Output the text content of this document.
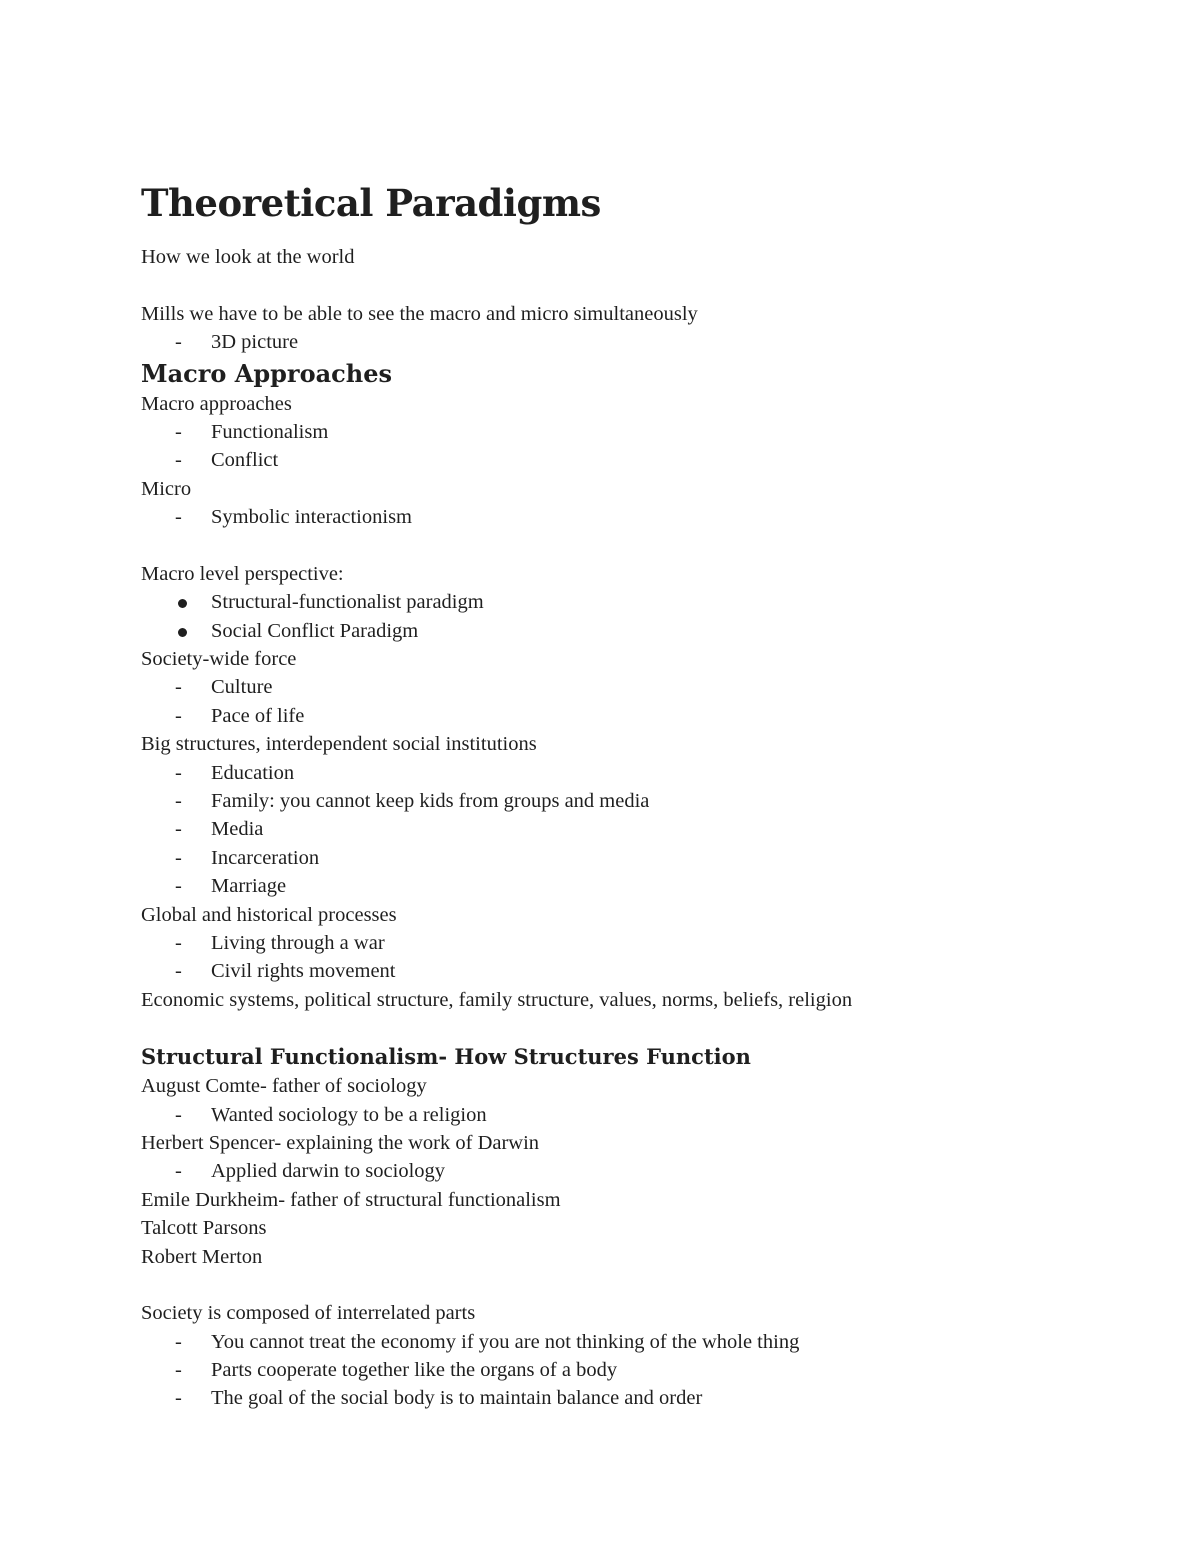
Theoretical Paradigms
How we look at the world
Mills we have to be able to see the macro and micro simultaneously
- 3D picture
Macro Approaches
Macro approaches
- Functionalism
- Conflict
Micro
- Symbolic interactionism
Macro level perspective:
Structural-functionalist paradigm
Social Conflict Paradigm
Society-wide force
- Culture
- Pace of life
Big structures, interdependent social institutions
- Education
- Family: you cannot keep kids from groups and media
- Media
- Incarceration
- Marriage
Global and historical processes
- Living through a war
- Civil rights movement
Economic systems, political structure, family structure, values, norms, beliefs, religion
Structural Functionalism- How Structures Function
August Comte- father of sociology
- Wanted sociology to be a religion
Herbert Spencer- explaining the work of Darwin
- Applied darwin to sociology
Emile Durkheim- father of structural functionalism
Talcott Parsons
Robert Merton
Society is composed of interrelated parts
- You cannot treat the economy if you are not thinking of the whole thing
- Parts cooperate together like the organs of a body
- The goal of the social body is to maintain balance and order
